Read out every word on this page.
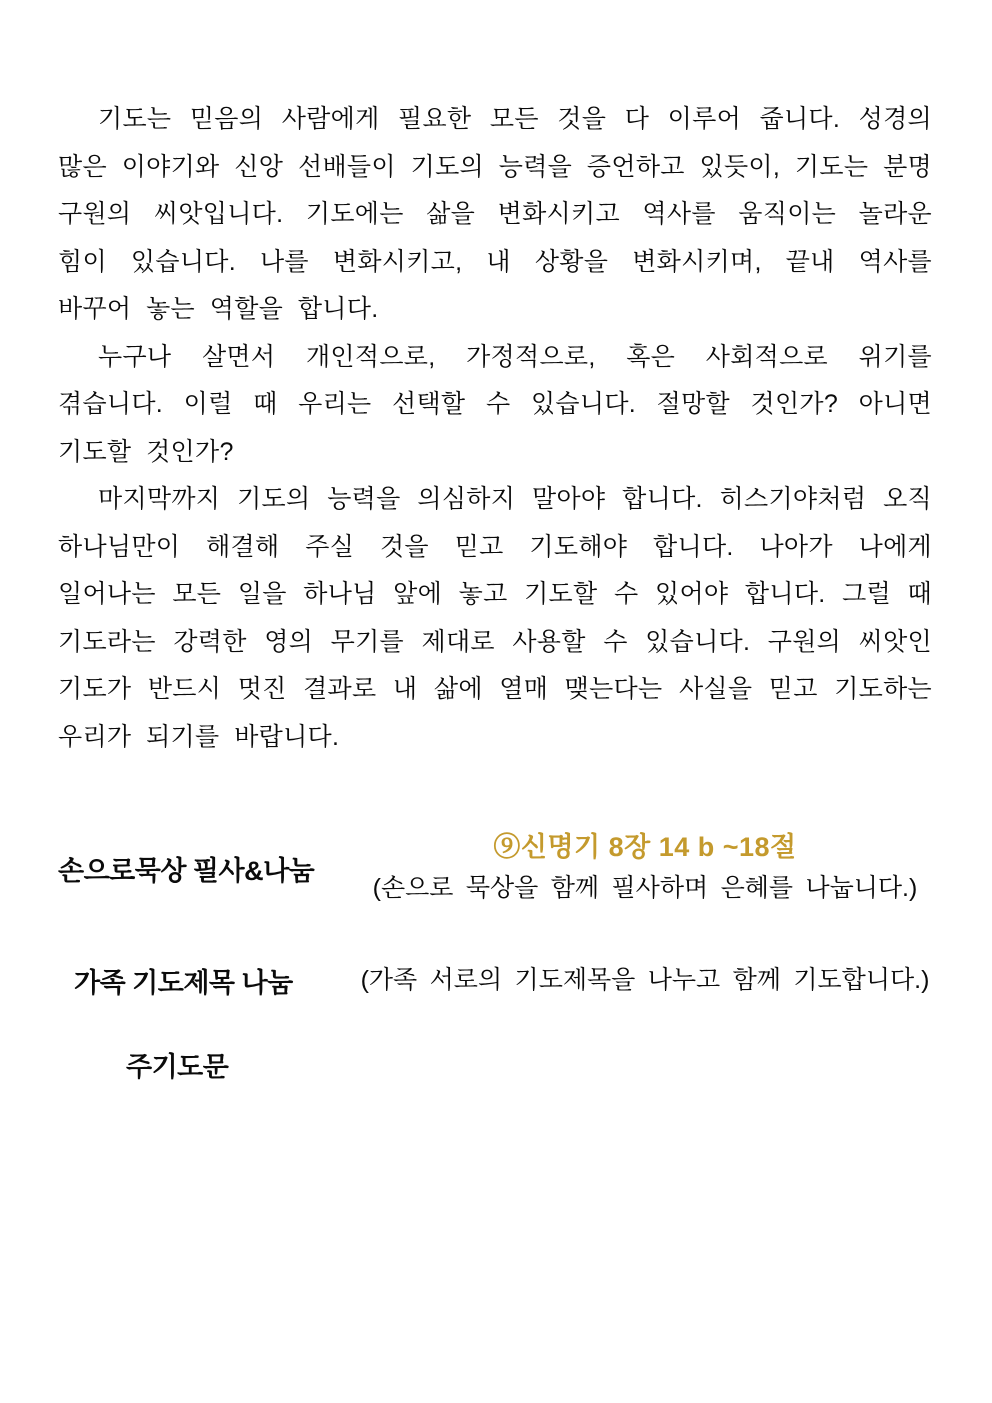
기도는 믿음의 사람에게 필요한 모든 것을 다 이루어 줍니다. 성경의 많은 이야기와 신앙 선배들이 기도의 능력을 증언하고 있듯이, 기도는 분명 구원의 씨앗입니다. 기도에는 삶을 변화시키고 역사를 움직이는 놀라운 힘이 있습니다. 나를 변화시키고, 내 상황을 변화시키며, 끝내 역사를 바꾸어 놓는 역할을 합니다.

누구나 살면서 개인적으로, 가정적으로, 혹은 사회적으로 위기를 겪습니다. 이럴 때 우리는 선택할 수 있습니다. 절망할 것인가? 아니면 기도할 것인가?

마지막까지 기도의 능력을 의심하지 말아야 합니다. 히스기야처럼 오직 하나님만이 해결해 주실 것을 믿고 기도해야 합니다. 나아가 나에게 일어나는 모든 일을 하나님 앞에 놓고 기도할 수 있어야 합니다. 그럴 때 기도라는 강력한 영의 무기를 제대로 사용할 수 있습니다. 구원의 씨앗인 기도가 반드시 멋진 결과로 내 삶에 열매 맺는다는 사실을 믿고 기도하는 우리가 되기를 바랍니다.

손으로묵상 필사&나눔
⑨신명기 8장 14 b ~18절
(손으로 묵상을 함께 필사하며 은혜를 나눕니다.)
가족 기도제목 나눔	(가족 서로의 기도제목을 나누고 함께 기도합니다.)
주기도문
